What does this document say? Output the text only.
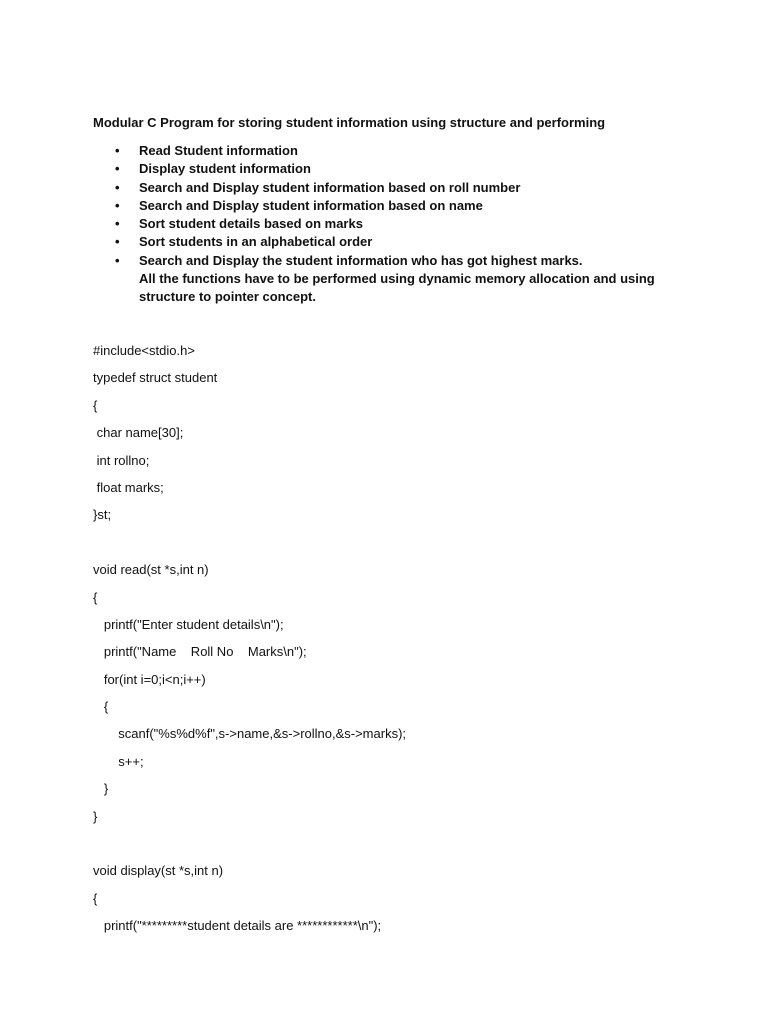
Modular C Program for storing student information using structure and performing

•	Read Student information
•	Display student information
•	Search and Display student information based on roll number
•	Search and Display student information based on name
•	Sort student details based on marks
•	Sort students in an alphabetical order
•	Search and Display the student information who has got highest marks.
All the functions have to be performed using dynamic memory allocation and using
structure to pointer concept.
#include<stdio.h>
typedef struct student
{
char name[30];
int rollno;
float marks;
}st;
void read(st *s,int n)
{
printf("Enter student details\n");
printf("Name    Roll No    Marks\n");
for(int i=0;i<n;i++)
{
scanf("%s%d%f",s->name,&s->rollno,&s->marks);
s++;
}
}
void display(st *s,int n)
{
printf("*********student details are ************\n");
